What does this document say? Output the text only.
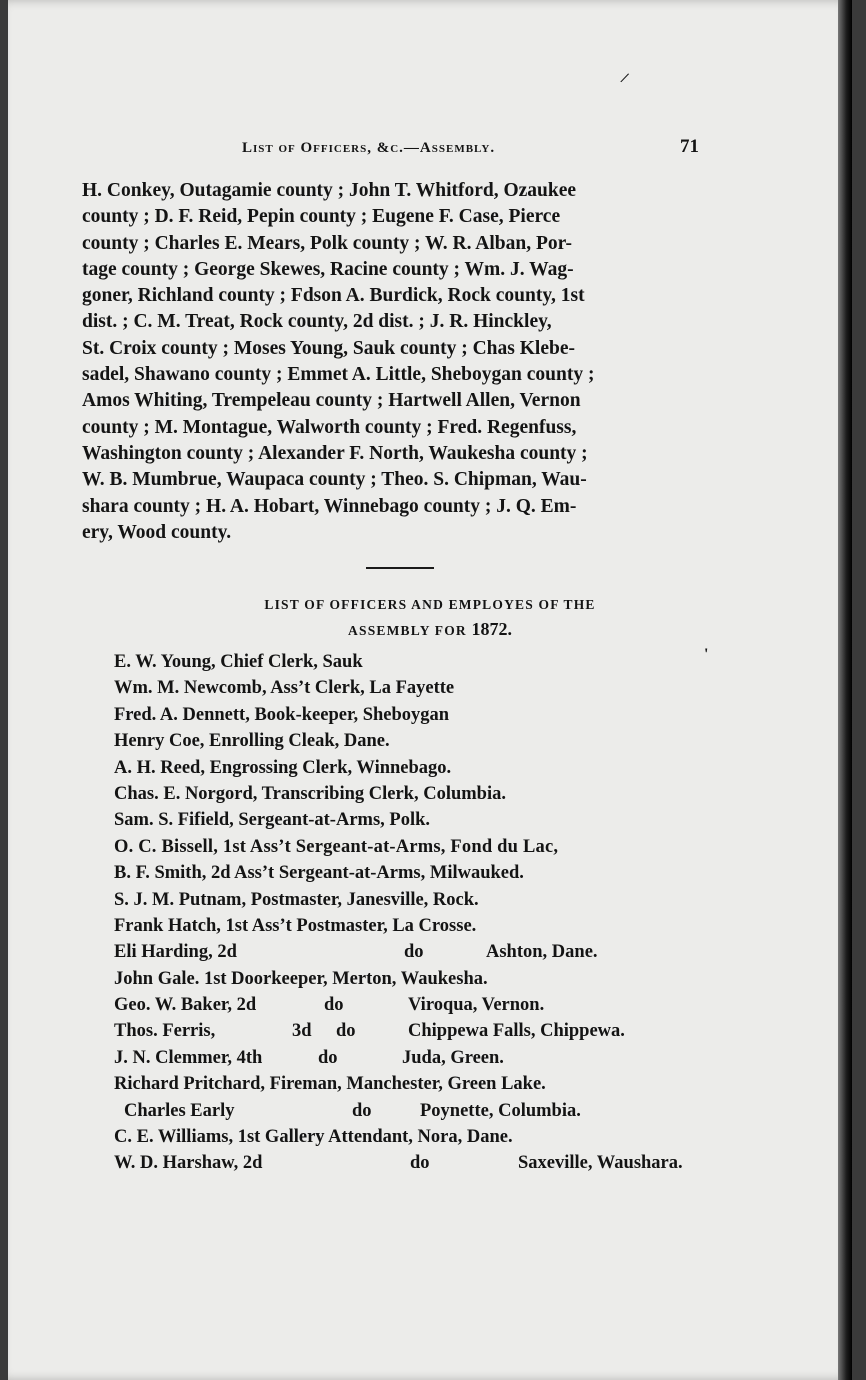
List of Officers, &c.—Assembly.	71
H. Conkey, Outagamie county ; John T. Whitford, Ozaukee
county ; D. F. Reid, Pepin county ; Eugene F. Case, Pierce
county ; Charles E. Mears, Polk county ; W. R. Alban, Por-
tage county ; George Skewes, Racine county ; Wm. J. Wag-
goner, Richland county ; Fdson A. Burdick, Rock county, 1st
dist. ; C. M. Treat, Rock county, 2d dist. ; J. R. Hinckley,
St. Croix county ; Moses Young, Sauk county ; Chas Klebe-
sadel, Shawano county ; Emmet A. Little, Sheboygan county ;
Amos Whiting, Trempeleau county ; Hartwell Allen, Vernon
county ; M. Montague, Walworth county ; Fred. Regenfuss,
Washington county ; Alexander F. North, Waukesha county ;
W. B. Mumbrue, Waupaca county ; Theo. S. Chipman, Wau-
shara county ; H. A. Hobart, Winnebago county ; J. Q. Em-
ery, Wood county.
LIST OF OFFICERS AND EMPLOYES OF THE
ASSEMBLY FOR 1872.
E. W. Young, Chief Clerk, Sauk
Wm. M. Newcomb, Ass’t Clerk, La Fayette
Fred. A. Dennett, Book-keeper, Sheboygan
Henry Coe, Enrolling Cleak, Dane.
A. H. Reed, Engrossing Clerk, Winnebago.
Chas. E. Norgord, Transcribing Clerk, Columbia.
Sam. S. Fifield, Sergeant-at-Arms, Polk.
O. C. Bissell, 1st Ass’t Sergeant-at-Arms, Fond du Lac,
B. F. Smith, 2d Ass’t Sergeant-at-Arms, Milwauked.
S. J. M. Putnam, Postmaster, Janesville, Rock.
Frank Hatch, 1st Ass’t Postmaster, La Crosse.
Eli Harding, 2d	do	Ashton, Dane.
John Gale. 1st Doorkeeper, Merton, Waukesha.
Geo. W. Baker, 2d	do	Viroqua, Vernon.
Thos. Ferris,	3d do	Chippewa Falls, Chippewa.
J. N. Clemmer, 4th	do	Juda, Green.
Richard Pritchard, Fireman, Manchester, Green Lake.
Charles Early	do	Poynette, Columbia.
C. E. Williams, 1st Gallery Attendant, Nora, Dane.
W. D. Harshaw, 2d	do	Saxeville, Waushara.
/
'
